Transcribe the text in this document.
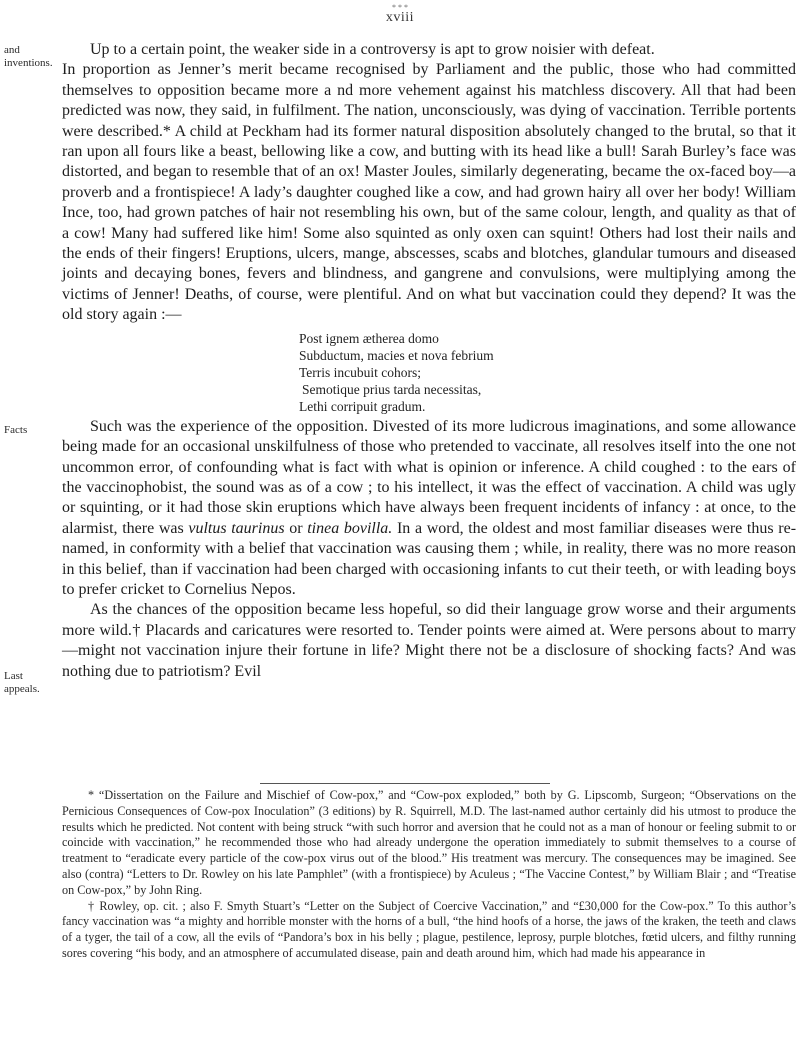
* * *
xviii
and inventions.
Facts
Last appeals.

Up to a certain point, the weaker side in a controversy is apt to grow noisier with defeat.
In proportion as Jenner’s merit became recognised by Parliament and the public, those who had committed themselves to opposition became more a nd more vehement against his matchless discovery. All that had been predicted was now, they said, in fulfilment. The nation, unconsciously, was dying of vaccination. Terrible portents were described.* A child at Peckham had its former natural disposition absolutely changed to the brutal, so that it ran upon all fours like a beast, bellowing like a cow, and butting with its head like a bull! Sarah Burley’s face was distorted, and began to resemble that of an ox! Master Joules, similarly degenerating, became the ox-faced boy—a proverb and a frontispiece! A lady’s daughter coughed like a cow, and had grown hairy all over her body! William Ince, too, had grown patches of hair not resembling his own, but of the same colour, length, and quality as that of a cow! Many had suffered like him! Some also squinted as only oxen can squint! Others had lost their nails and the ends of their fingers! Eruptions, ulcers, mange, abscesses, scabs and blotches, glandular tumours and diseased joints and decaying bones, fevers and blindness, and gangrene and convulsions, were multiplying among the victims of Jenner! Deaths, of course, were plentiful. And on what but vaccination could they depend? It was the old story again :—

Post ignem ætherea domo
Subductum, macies et nova febrium
Terris incubuit cohors;
Semotique prius tarda necessitas,
Lethi corripuit gradum.

Such was the experience of the opposition. Divested of its more ludicrous imaginations, and some allowance being made for an occasional unskilfulness of those who pretended to vaccinate, all resolves itself into the one not uncommon error, of confounding what is fact with what is opinion or inference. A child coughed : to the ears of the vaccinophobist, the sound was as of a cow ; to his intellect, it was the effect of vaccination. A child was ugly or squinting, or it had those skin eruptions which have always been frequent incidents of infancy : at once, to the alarmist, there was vultus taurinus or tinea bovilla. In a word, the oldest and most familiar diseases were thus re-named, in conformity with a belief that vaccination was causing them ; while, in reality, there was no more reason in this belief, than if vaccination had been charged with occasioning infants to cut their teeth, or with leading boys to prefer cricket to Cornelius Nepos.

As the chances of the opposition became less hopeful, so did their language grow worse and their arguments more wild.† Placards and caricatures were resorted to. Tender points were aimed at. Were persons about to marry—might not vaccination injure their fortune in life? Might there not be a disclosure of shocking facts? And was nothing due to patriotism? Evil

* “Dissertation on the Failure and Mischief of Cow-pox,” and “Cow-pox exploded,” both by G. Lipscomb, Surgeon; “Observations on the Pernicious Consequences of Cow-pox Inoculation” (3 editions) by R. Squirrell, M.D. The last-named author certainly did his utmost to produce the results which he predicted. Not content with being struck “with such horror and aversion that he could not as a man of honour or feeling submit to or coincide with vaccination,” he recommended those who had already undergone the operation immediately to submit themselves to a course of treatment to “eradicate every particle of the cow-pox virus out of the blood.” His treatment was mercury. The consequences may be imagined. See also (contra) “Letters to Dr. Rowley on his late Pamphlet” (with a frontispiece) by Aculeus ; “The Vaccine Contest,” by William Blair ; and “Treatise on Cow-pox,” by John Ring.

† Rowley, op. cit. ; also F. Smyth Stuart’s “Letter on the Subject of Coercive Vaccination,” and “£30,000 for the Cow-pox.” To this author’s fancy vaccination was “a mighty and horrible monster with the horns of a bull, “the hind hoofs of a horse, the jaws of the kraken, the teeth and claws of a tyger, the tail of a cow, all the evils of “Pandora’s box in his belly ; plague, pestilence, leprosy, purple blotches, fœtid ulcers, and filthy running sores covering “his body, and an atmosphere of accumulated disease, pain and death around him, which had made his appearance in
